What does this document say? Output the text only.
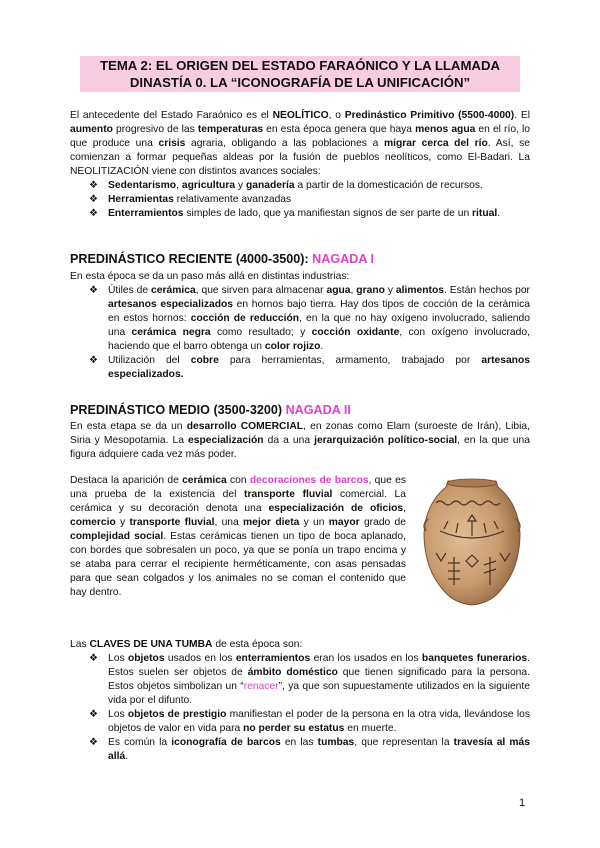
TEMA 2: EL ORIGEN DEL ESTADO FARAÓNICO Y LA LLAMADA
DINASTÍA 0. LA “ICONOGRAFÍA DE LA UNIFICACIÓN”

El antecedente del Estado Faraónico es el NEOLÍTICO, o Predinástico Primitivo (5500-4000). El aumento progresivo de las temperaturas en esta época genera que haya menos agua en el río, lo que produce una crisis agraria, obligando a las poblaciones a migrar cerca del río. Así, se comienzan a formar pequeñas aldeas por la fusión de pueblos neolíticos, como El-Badari. La NEOLITIZACIÓN viene con distintos avances sociales:

❖ Sedentarismo, agricultura y ganadería a partir de la domesticación de recursos.
❖ Herramientas relativamente avanzadas
❖ Enterramientos simples de lado, que ya manifiestan signos de ser parte de un ritual.
PREDINÁSTICO RECIENTE (4000-3500): NAGADA I

En esta época se da un paso más allá en distintas industrias:

❖ Útiles de cerámica, que sirven para almacenar agua, grano y alimentos. Están hechos por artesanos especializados en hornos bajo tierra. Hay dos tipos de cocción de la cerámica en estos hornos: cocción de reducción, en la que no hay oxígeno involucrado, saliendo una cerámica negra como resultado; y cocción oxidante, con oxígeno involucrado, haciendo que el barro obtenga un color rojizo.
❖ Utilización del cobre para herramientas, armamento, trabajado por artesanos especializados.
PREDINÁSTICO MEDIO (3500-3200) NAGADA II

En esta etapa se da un desarrollo COMERCIAL, en zonas como Elam (suroeste de Irán), Libia, Siria y Mesopotamia. La especialización da a una jerarquización político-social, en la que una figura adquiere cada vez más poder.

Destaca la aparición de cerámica con decoraciones de barcos, que es una prueba de la existencia del transporte fluvial comercial. La cerámica y su decoración denota una especialización de oficios, comercio y transporte fluvial, una mejor dieta y un mayor grado de complejidad social. Estas cerámicas tienen un tipo de boca aplanado, con bordes que sobresalen un poco, ya que se ponía un trapo encima y se ataba para cerrar el recipiente herméticamente, con asas pensadas para que sean colgados y los animales no se coman el contenido que hay dentro.

Las CLAVES DE UNA TUMBA de esta época son:

❖ Los objetos usados en los enterramientos eran los usados en los banquetes funerarios. Estos suelen ser objetos de ámbito doméstico que tienen significado para la persona. Estos objetos simbolizan un “renacer”, ya que son supuestamente utilizados en la siguiente vida por el difunto.
❖ Los objetos de prestigio manifiestan el poder de la persona en la otra vida, llevándose los objetos de valor en vida para no perder su estatus en muerte.
❖ Es común la iconografía de barcos en las tumbas, que representan la travesía al más allá.
1
